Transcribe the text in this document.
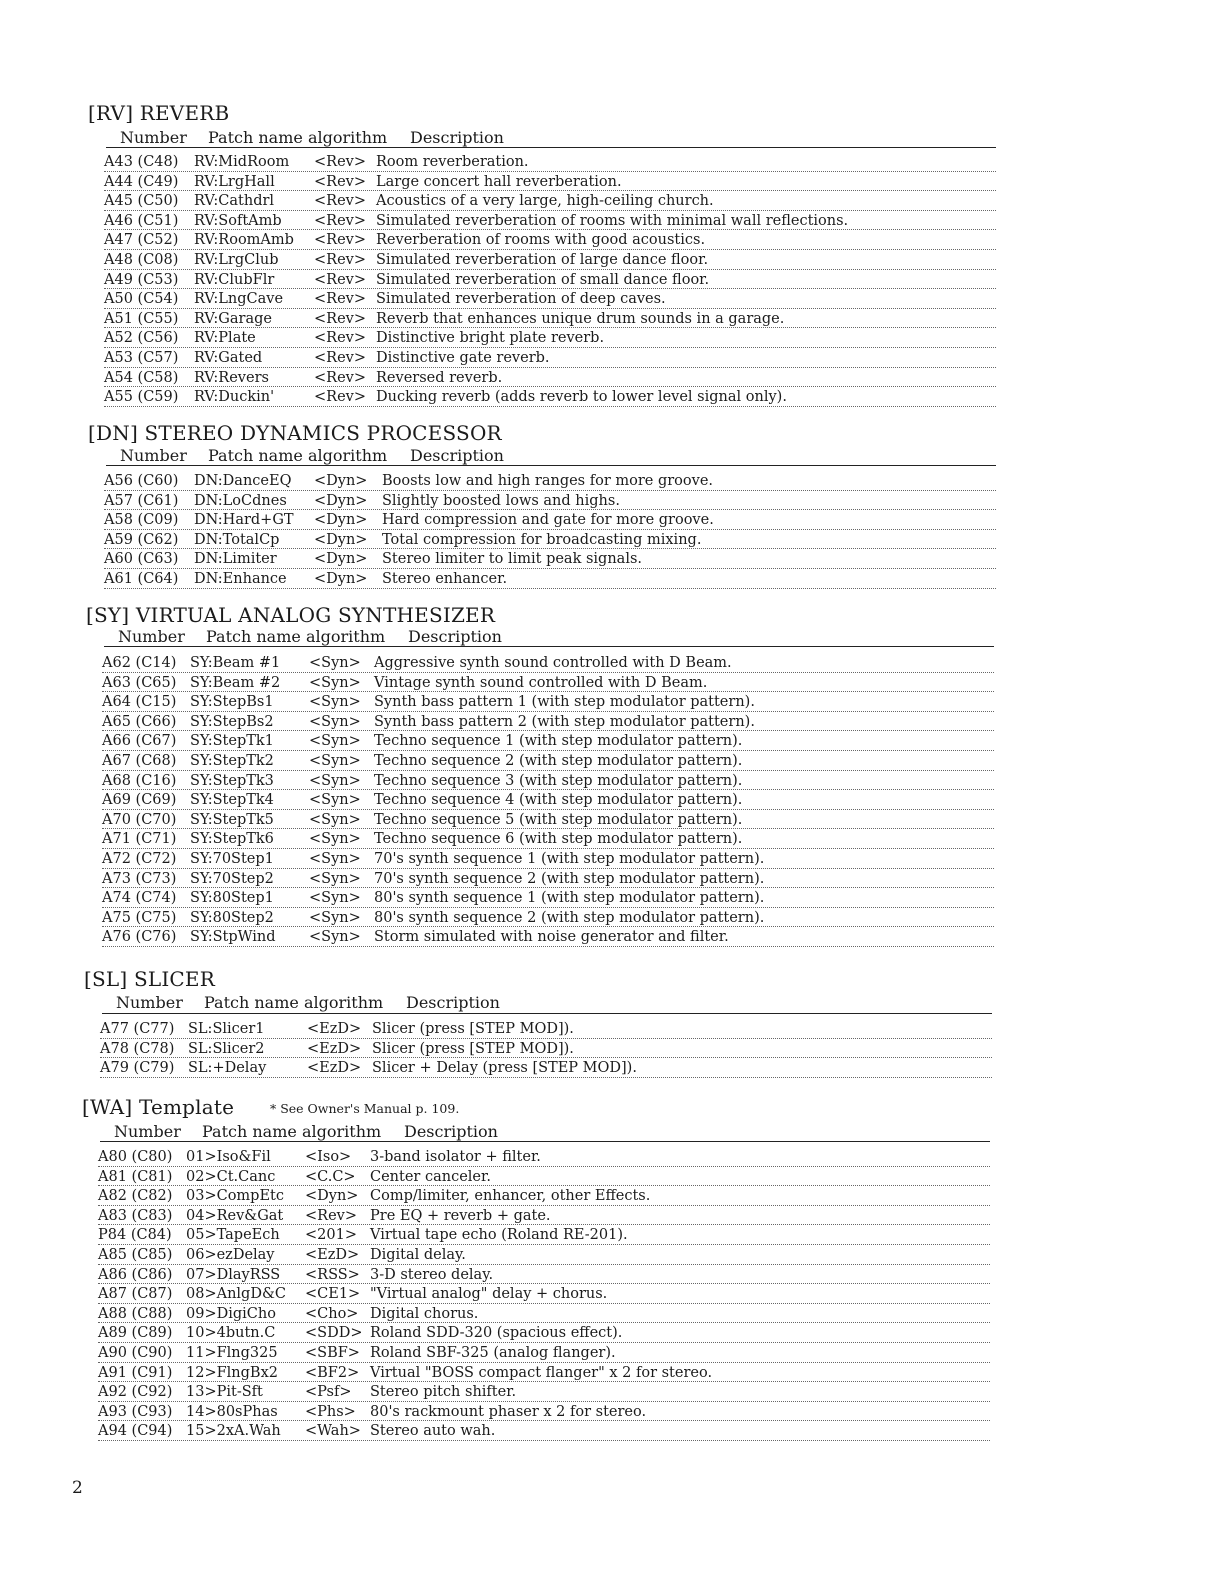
[RV] REVERB
Number Patch name algorithm Description
A43 (C48) RV:MidRoom <Rev> Room reverberation.
A44 (C49) RV:LrgHall	<Rev> Large concert hall reverberation.
A45 (C50) RV:Cathdrl	<Rev> Acoustics of a very large, high-ceiling church.
A46 (C51) RV:SoftAmb <Rev> Simulated reverberation of rooms with minimal wall reflections.
A47 (C52) RV:RoomAmb <Rev> Reverberation of rooms with good acoustics.
A48 (C08) RV:LrgClub <Rev> Simulated reverberation of large dance floor.
A49 (C53) RV:ClubFlr	<Rev> Simulated reverberation of small dance floor.
A50 (C54) RV:LngCave <Rev> Simulated reverberation of deep caves.
A51 (C55) RV:Garage	<Rev> Reverb that enhances unique drum sounds in a garage.
A52 (C56) RV:Plate	<Rev> Distinctive bright plate reverb.
A53 (C57) RV:Gated	<Rev> Distinctive gate reverb.
A54 (C58) RV:Revers	<Rev> Reversed reverb.
A55 (C59) RV:Duckin'	<Rev> Ducking reverb (adds reverb to lower level signal only).
[DN] STEREO DYNAMICS PROCESSOR
Number Patch name algorithm Description
A56 (C60) DN:DanceEQ <Dyn> Boosts low and high ranges for more groove.
A57 (C61) DN:LoCdnes <Dyn> Slightly boosted lows and highs.
A58 (C09) DN:Hard+GT <Dyn> Hard compression and gate for more groove.
A59 (C62) DN:TotalCp <Dyn> Total compression for broadcasting mixing.
A60 (C63) DN:Limiter	<Dyn> Stereo limiter to limit peak signals.
A61 (C64) DN:Enhance <Dyn> Stereo enhancer.
[SY] VIRTUAL ANALOG SYNTHESIZER
Number Patch name algorithm Description
A62 (C14) SY:Beam #1 <Syn> Aggressive synth sound controlled with D Beam.
A63 (C65) SY:Beam #2 <Syn> Vintage synth sound controlled with D Beam.
A64 (C15) SY:StepBs1 <Syn> Synth bass pattern 1 (with step modulator pattern).
A65 (C66) SY:StepBs2 <Syn> Synth bass pattern 2 (with step modulator pattern).
A66 (C67) SY:StepTk1 <Syn> Techno sequence 1 (with step modulator pattern).
A67 (C68) SY:StepTk2 <Syn> Techno sequence 2 (with step modulator pattern).
A68 (C16) SY:StepTk3 <Syn> Techno sequence 3 (with step modulator pattern).
A69 (C69) SY:StepTk4 <Syn> Techno sequence 4 (with step modulator pattern).
A70 (C70) SY:StepTk5 <Syn> Techno sequence 5 (with step modulator pattern).
A71 (C71) SY:StepTk6 <Syn> Techno sequence 6 (with step modulator pattern).
A72 (C72) SY:70Step1 <Syn> 70's synth sequence 1 (with step modulator pattern).
A73 (C73) SY:70Step2 <Syn> 70's synth sequence 2 (with step modulator pattern).
A74 (C74) SY:80Step1 <Syn> 80's synth sequence 1 (with step modulator pattern).
A75 (C75) SY:80Step2 <Syn> 80's synth sequence 2 (with step modulator pattern).
A76 (C76) SY:StpWind <Syn> Storm simulated with noise generator and filter.
[SL] SLICER
Number Patch name algorithm Description
A77 (C77) SL:Slicer1	<EzD> Slicer (press [STEP MOD]).
A78 (C78) SL:Slicer2	<EzD> Slicer (press [STEP MOD]).
A79 (C79) SL:+Delay	<EzD> Slicer + Delay (press [STEP MOD]).
[WA] Template	* See Owner's Manual p. 109.
Number Patch name algorithm Description
A80 (C80) 01>Iso&Fil <Iso> 3-band isolator + filter.
A81 (C81) 02>Ct.Canc <C.C> Center canceler.
A82 (C82) 03>CompEtc <Dyn> Comp/limiter, enhancer, other Effects.
A83 (C83) 04>Rev&Gat <Rev> Pre EQ + reverb + gate.
P84 (C84) 05>TapeEch <201> Virtual tape echo (Roland RE-201).
A85 (C85) 06>ezDelay <EzD> Digital delay.
A86 (C86) 07>DlayRSS <RSS> 3-D stereo delay.
A87 (C87) 08>AnlgD&C <CE1> "Virtual analog" delay + chorus.
A88 (C88) 09>DigiCho <Cho> Digital chorus.
A89 (C89) 10>4butn.C <SDD> Roland SDD-320 (spacious effect).
A90 (C90) 11>Flng325 <SBF> Roland SBF-325 (analog flanger).
A91 (C91) 12>FlngBx2 <BF2> Virtual "BOSS compact flanger" x 2 for stereo.
A92 (C92) 13>Pit-Sft	<Psf> Stereo pitch shifter.
A93 (C93) 14>80sPhas <Phs> 80's rackmount phaser x 2 for stereo.
A94 (C94) 15>2xA.Wah <Wah> Stereo auto wah.
2
